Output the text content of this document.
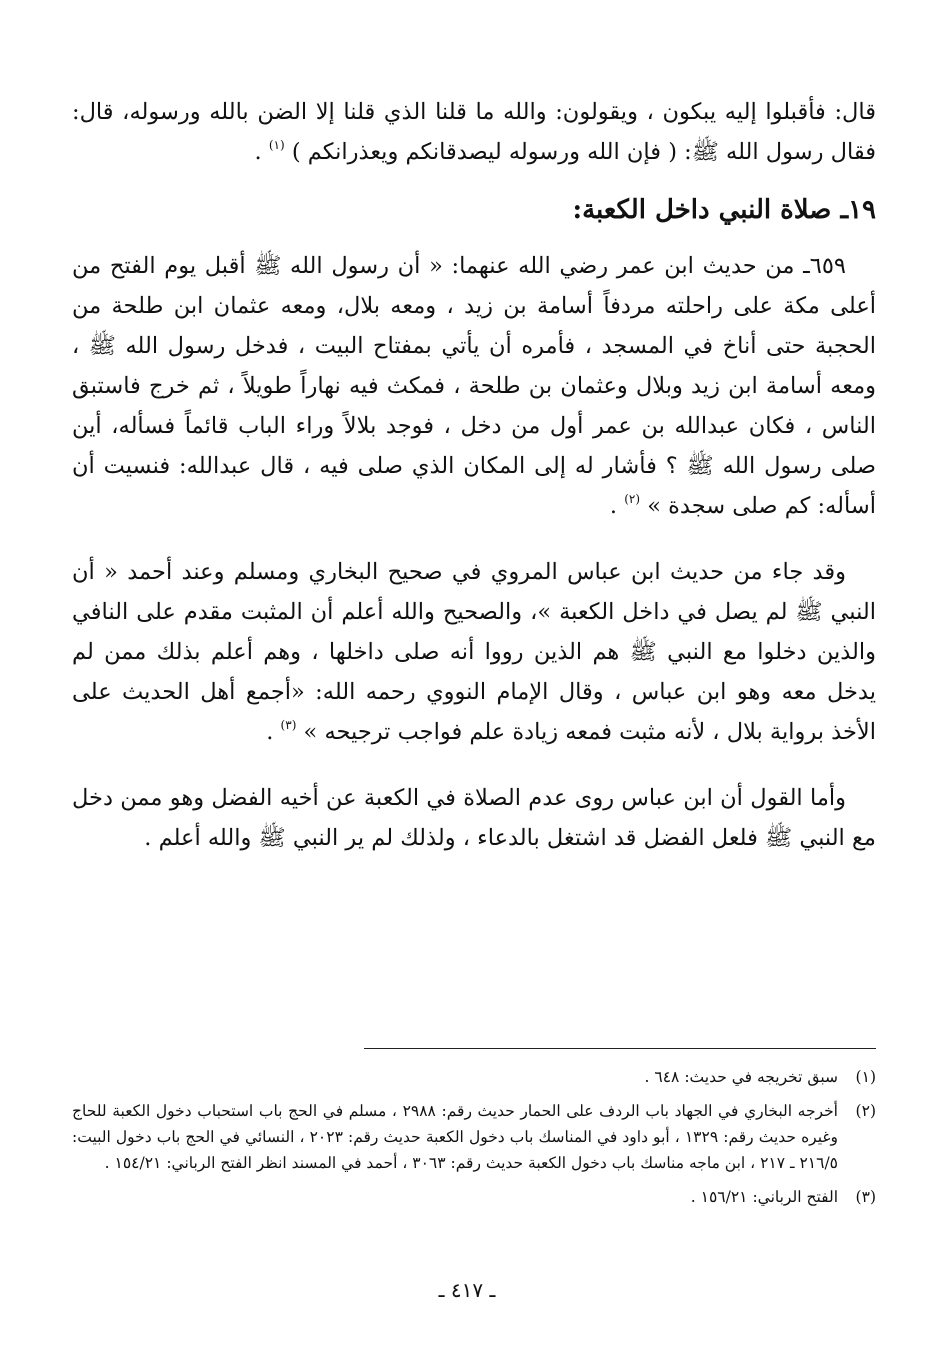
قال: فأقبلوا إليه يبكون ، ويقولون: والله ما قلنا الذي قلنا إلا الضن بالله ورسوله، قال: فقال رسول الله ﷺ: ( فإن الله ورسوله ليصدقانكم ويعذرانكم ) $^{(١)}$ .

١٩ـ صلاة النبي داخل الكعبة:

٦٥٩ـ من حديث ابن عمر رضي الله عنهما: « أن رسول الله ﷺ أقبل يوم الفتح من أعلى مكة على راحلته مردفاً أسامة بن زيد ، ومعه بلال، ومعه عثمان ابن طلحة من الحجبة حتى أناخ في المسجد ، فأمره أن يأتي بمفتاح البيت ، فدخل رسول الله ﷺ ، ومعه أسامة ابن زيد وبلال وعثمان بن طلحة ، فمكث فيه نهاراً طويلاً ، ثم خرج فاستبق الناس ، فكان عبدالله بن عمر أول من دخل ، فوجد بلالاً وراء الباب قائماً فسأله، أين صلى رسول الله ﷺ ؟ فأشار له إلى المكان الذي صلى فيه ، قال عبدالله: فنسيت أن أسأله: كم صلى سجدة » $^{(٢)}$ .

وقد جاء من حديث ابن عباس المروي في صحيح البخاري ومسلم وعند أحمد « أن النبي ﷺ لم يصل في داخل الكعبة »، والصحيح والله أعلم أن المثبت مقدم على النافي والذين دخلوا مع النبي ﷺ هم الذين رووا أنه صلى داخلها ، وهم أعلم بذلك ممن لم يدخل معه وهو ابن عباس ، وقال الإمام النووي رحمه الله: «أجمع أهل الحديث على الأخذ برواية بلال ، لأنه مثبت فمعه زيادة علم فواجب ترجيحه » $^{(٣)}$ .

وأما القول أن ابن عباس روى عدم الصلاة في الكعبة عن أخيه الفضل وهو ممن دخل مع النبي ﷺ فلعل الفضل قد اشتغل بالدعاء ، ولذلك لم ير النبي ﷺ والله أعلم .

(١)
سبق تخريجه في حديث: ٦٤٨ .

(٢)
أخرجه البخاري في الجهاد باب الردف على الحمار حديث رقم: ٢٩٨٨ ، مسلم في الحج باب استحباب دخول الكعبة للحاج وغيره حديث رقم: ١٣٢٩ ، أبو داود في المناسك باب دخول الكعبة حديث رقم: ٢٠٢٣ ، النسائي في الحج باب دخول البيت: ٢١٦/٥ ـ ٢١٧ ، ابن ماجه مناسك باب دخول الكعبة حديث رقم: ٣٠٦٣ ، أحمد في المسند انظر الفتح الرباني: ١٥٤/٢١ .

(٣)
الفتح الرباني: ١٥٦/٢١ .

ـ ٤١٧ ـ
